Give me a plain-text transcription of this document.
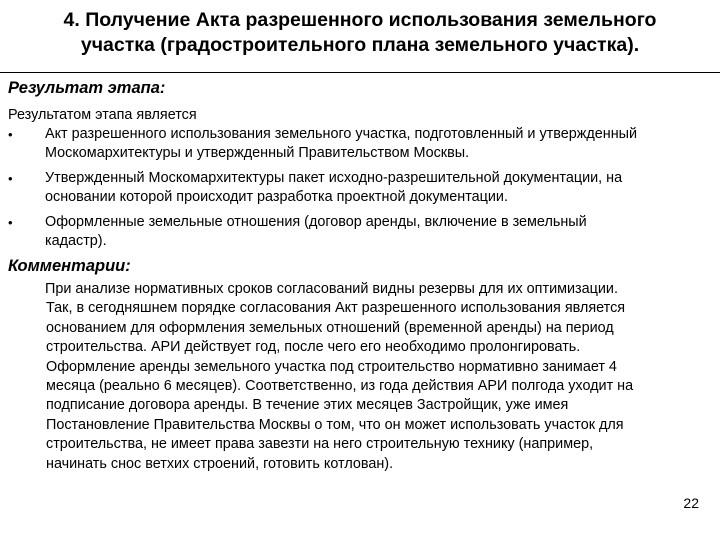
4. Получение Акта разрешенного использования земельного
участка (градостроительного плана земельного участка).
Результат этапа:
Результатом этапа является
•	Акт разрешенного использования земельного участка, подготовленный и утвержденный
Москомархитектуры и утвержденный Правительством Москвы.
•	Утвержденный Москомархитектуры пакет исходно-разрешительной документации, на
основании которой происходит разработка проектной документации.
•	Оформленные земельные отношения (договор аренды, включение в земельный
кадастр).
Комментарии:
При анализе нормативных сроков согласований видны резервы для их оптимизации.
Так, в сегодняшнем порядке согласования Акт разрешенного использования является
основанием для оформления земельных отношений (временной аренды) на период
строительства. АРИ действует год, после чего его необходимо пролонгировать.
Оформление аренды земельного участка под строительство нормативно занимает 4
месяца (реально 6 месяцев). Соответственно, из года действия АРИ полгода уходит на
подписание договора аренды. В течение этих месяцев Застройщик, уже имея
Постановление Правительства Москвы о том, что он может использовать участок для
строительства, не имеет права завезти на него строительную технику (например,
начинать снос ветхих строений, готовить котлован).
22
